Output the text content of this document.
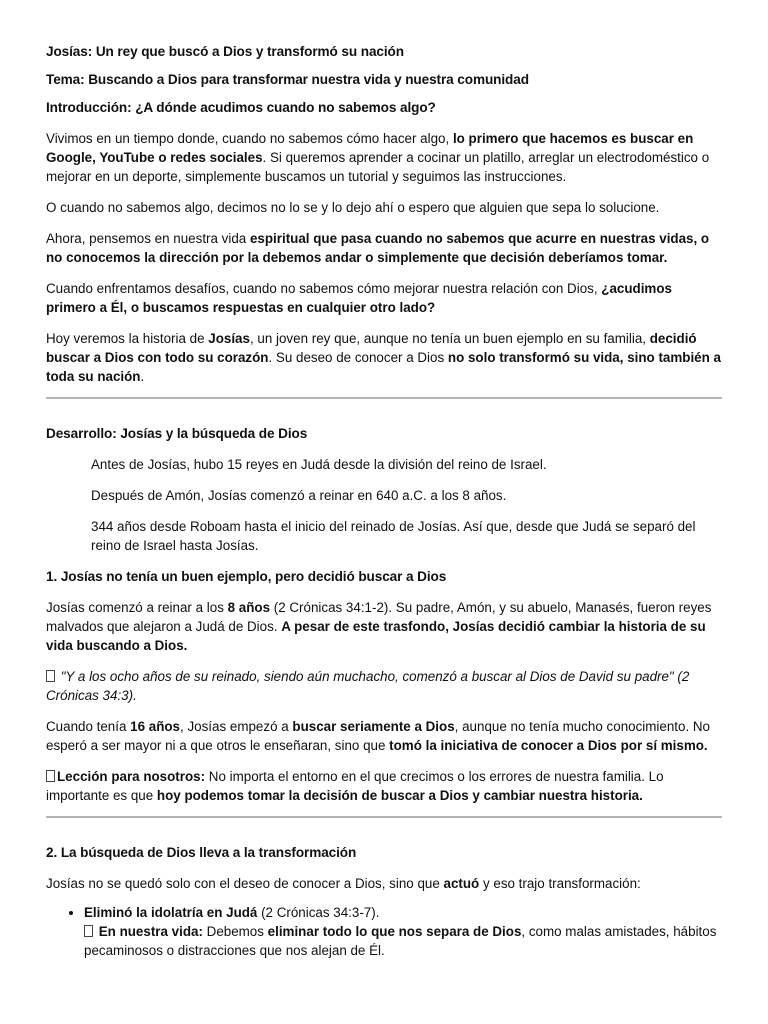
Josías: Un rey que buscó a Dios y transformó su nación

Tema: Buscando a Dios para transformar nuestra vida y nuestra comunidad

Introducción: ¿A dónde acudimos cuando no sabemos algo?

Vivimos en un tiempo donde, cuando no sabemos cómo hacer algo, lo primero que hacemos es buscar en Google, YouTube o redes sociales. Si queremos aprender a cocinar un platillo, arreglar un electrodoméstico o mejorar en un deporte, simplemente buscamos un tutorial y seguimos las instrucciones.

O cuando no sabemos algo, decimos no lo se y lo dejo ahí o espero que alguien que sepa lo solucione.

Ahora, pensemos en nuestra vida espiritual que pasa cuando no sabemos que acurre en nuestras vidas, o no conocemos la dirección por la debemos andar o simplemente que decisión deberíamos tomar.

Cuando enfrentamos desafíos, cuando no sabemos cómo mejorar nuestra relación con Dios, ¿acudimos primero a Él, o buscamos respuestas en cualquier otro lado?

Hoy veremos la historia de Josías, un joven rey que, aunque no tenía un buen ejemplo en su familia, decidió buscar a Dios con todo su corazón. Su deseo de conocer a Dios no solo transformó su vida, sino también a toda su nación.

Desarrollo: Josías y la búsqueda de Dios

Antes de Josías, hubo 15 reyes en Judá desde la división del reino de Israel.

Después de Amón, Josías comenzó a reinar en 640 a.C. a los 8 años.

344 años desde Roboam hasta el inicio del reinado de Josías. Así que, desde que Judá se separó del reino de Israel hasta Josías.

1. Josías no tenía un buen ejemplo, pero decidió buscar a Dios

Josías comenzó a reinar a los 8 años (2 Crónicas 34:1-2). Su padre, Amón, y su abuelo, Manasés, fueron reyes malvados que alejaron a Judá de Dios. A pesar de este trasfondo, Josías decidió cambiar la historia de su vida buscando a Dios.

"Y a los ocho años de su reinado, siendo aún muchacho, comenzó a buscar al Dios de David su padre" (2 Crónicas 34:3).

Cuando tenía 16 años, Josías empezó a buscar seriamente a Dios, aunque no tenía mucho conocimiento. No esperó a ser mayor ni a que otros le enseñaran, sino que tomó la iniciativa de conocer a Dios por sí mismo.

Lección para nosotros: No importa el entorno en el que crecimos o los errores de nuestra familia. Lo importante es que hoy podemos tomar la decisión de buscar a Dios y cambiar nuestra historia.

2. La búsqueda de Dios lleva a la transformación

Josías no se quedó solo con el deseo de conocer a Dios, sino que actuó y eso trajo transformación:

• Eliminó la idolatría en Judá (2 Crónicas 34:3-7).
En nuestra vida: Debemos eliminar todo lo que nos separa de Dios, como malas amistades, hábitos pecaminosos o distracciones que nos alejan de Él.
